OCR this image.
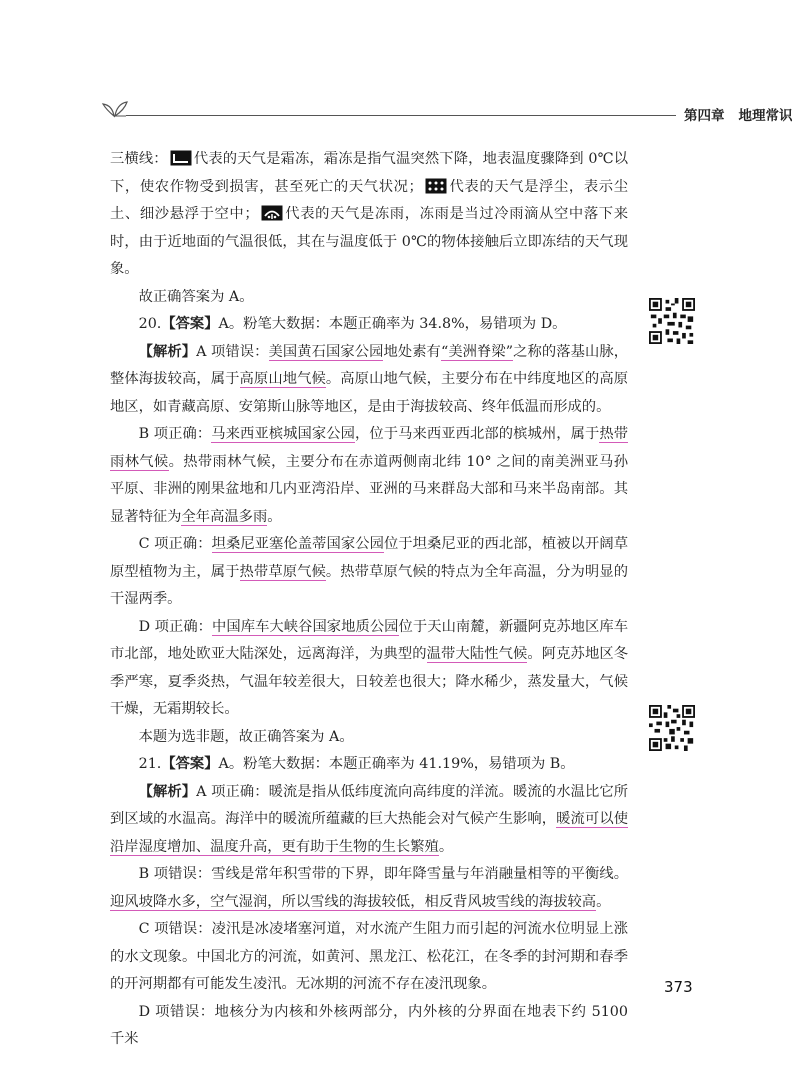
第四章 地理常识

三横线： 代表的天气是霜冻，霜冻是指气温突然下降，地表温度骤降到 0℃以下，使农作物受到损害，甚至死亡的天气状况； 代表的天气是浮尘，表示尘土、细沙悬浮于空中； 代表的天气是冻雨，冻雨是当过冷雨滴从空中落下来时，由于近地面的气温很低，其在与温度低于 0℃的物体接触后立即冻结的天气现象。

故正确答案为 A。

20.【答案】A。粉笔大数据：本题正确率为 34.8%，易错项为 D。

【解析】A 项错误：美国黄石国家公园地处素有“美洲脊梁”之称的落基山脉，整体海拔较高，属于高原山地气候。高原山地气候，主要分布在中纬度地区的高原地区，如青藏高原、安第斯山脉等地区，是由于海拔较高、终年低温而形成的。

B 项正确：马来西亚槟城国家公园，位于马来西亚西北部的槟城州，属于热带雨林气候。热带雨林气候，主要分布在赤道两侧南北纬 10° 之间的南美洲亚马孙平原、非洲的刚果盆地和几内亚湾沿岸、亚洲的马来群岛大部和马来半岛南部。其显著特征为全年高温多雨。

C 项正确：坦桑尼亚塞伦盖蒂国家公园位于坦桑尼亚的西北部，植被以开阔草原型植物为主，属于热带草原气候。热带草原气候的特点为全年高温，分为明显的干湿两季。

D 项正确：中国库车大峡谷国家地质公园位于天山南麓，新疆阿克苏地区库车市北部，地处欧亚大陆深处，远离海洋，为典型的温带大陆性气候。阿克苏地区冬季严寒，夏季炎热，气温年较差很大，日较差也很大；降水稀少，蒸发量大，气候干燥，无霜期较长。

本题为选非题，故正确答案为 A。

21.【答案】A。粉笔大数据：本题正确率为 41.19%，易错项为 B。

【解析】A 项正确：暖流是指从低纬度流向高纬度的洋流。暖流的水温比它所到区域的水温高。海洋中的暖流所蕴藏的巨大热能会对气候产生影响，暖流可以使沿岸湿度增加、温度升高，更有助于生物的生长繁殖。

B 项错误：雪线是常年积雪带的下界，即年降雪量与年消融量相等的平衡线。迎风坡降水多，空气湿润，所以雪线的海拔较低，相反背风坡雪线的海拔较高。

C 项错误：凌汛是冰凌堵塞河道，对水流产生阻力而引起的河流水位明显上涨的水文现象。中国北方的河流，如黄河、黑龙江、松花江，在冬季的封河期和春季的开河期都有可能发生凌汛。无冰期的河流不存在凌汛现象。

D 项错误：地核分为内核和外核两部分，内外核的分界面在地表下约 5100 千米

373
